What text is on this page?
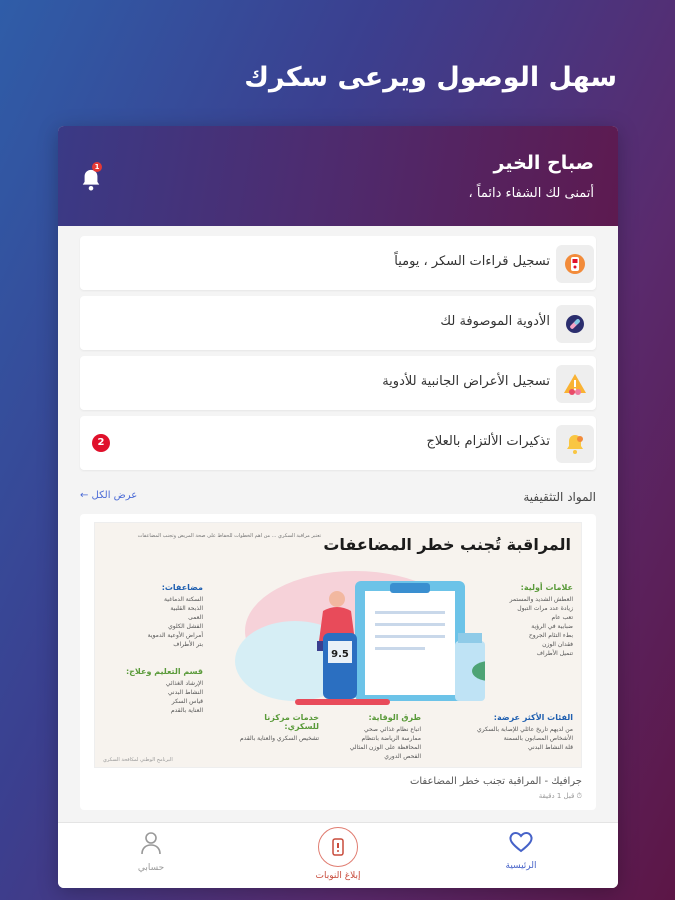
سهل الوصول ويرعى سكرك
صباح الخير
أتمنى لك الشفاء دائماً ،
1
تسجيل قراءات السكر ، يومياً
الأدوية الموصوفة لك
تسجيل الأعراض الجانبية للأدوية
تذكيرات الألتزام بالعلاج
2
المواد التثقيفية
عرض الكل ←
المراقبة تُجنب خطر المضاعفات
تعتبر مراقبة السكري ... من أهم الخطوات للحفاظ على صحة المريض وتجنب المضاعفات
9.5
علامات أولية:
العطش الشديد والمستمر
زيادة عدد مرات التبول
تعب عام
ضبابية في الرؤية
بطء التئام الجروح
فقدان الوزن
تنميل الأطراف
مضاعفات:
السكتة الدماغية
الذبحة القلبية
العمى
الفشل الكلوي
أمراض الأوعية الدموية
بتر الأطراف
قسم التعليم وعلاج:
الإرشاد الغذائي
النشاط البدني
قياس السكر
العناية بالقدم
الفئات الأكثر عرضة:
من لديهم تاريخ عائلي للإصابة بالسكري
الأشخاص المصابون بالسمنة
قلة النشاط البدني
طرق الوقاية:
اتباع نظام غذائي صحي
ممارسة الرياضة بانتظام
المحافظة على الوزن المثالي
الفحص الدوري
خدمات مركزنا للسكري:
تشخيص السكري والعناية بالقدم
البرنامج الوطني لمكافحة السكري
جرافيك - المراقبة تجنب خطر المضاعفات
⏱ قبل 1 دقيقة
الرئيسية
إبلاغ النوبات
حسابي
